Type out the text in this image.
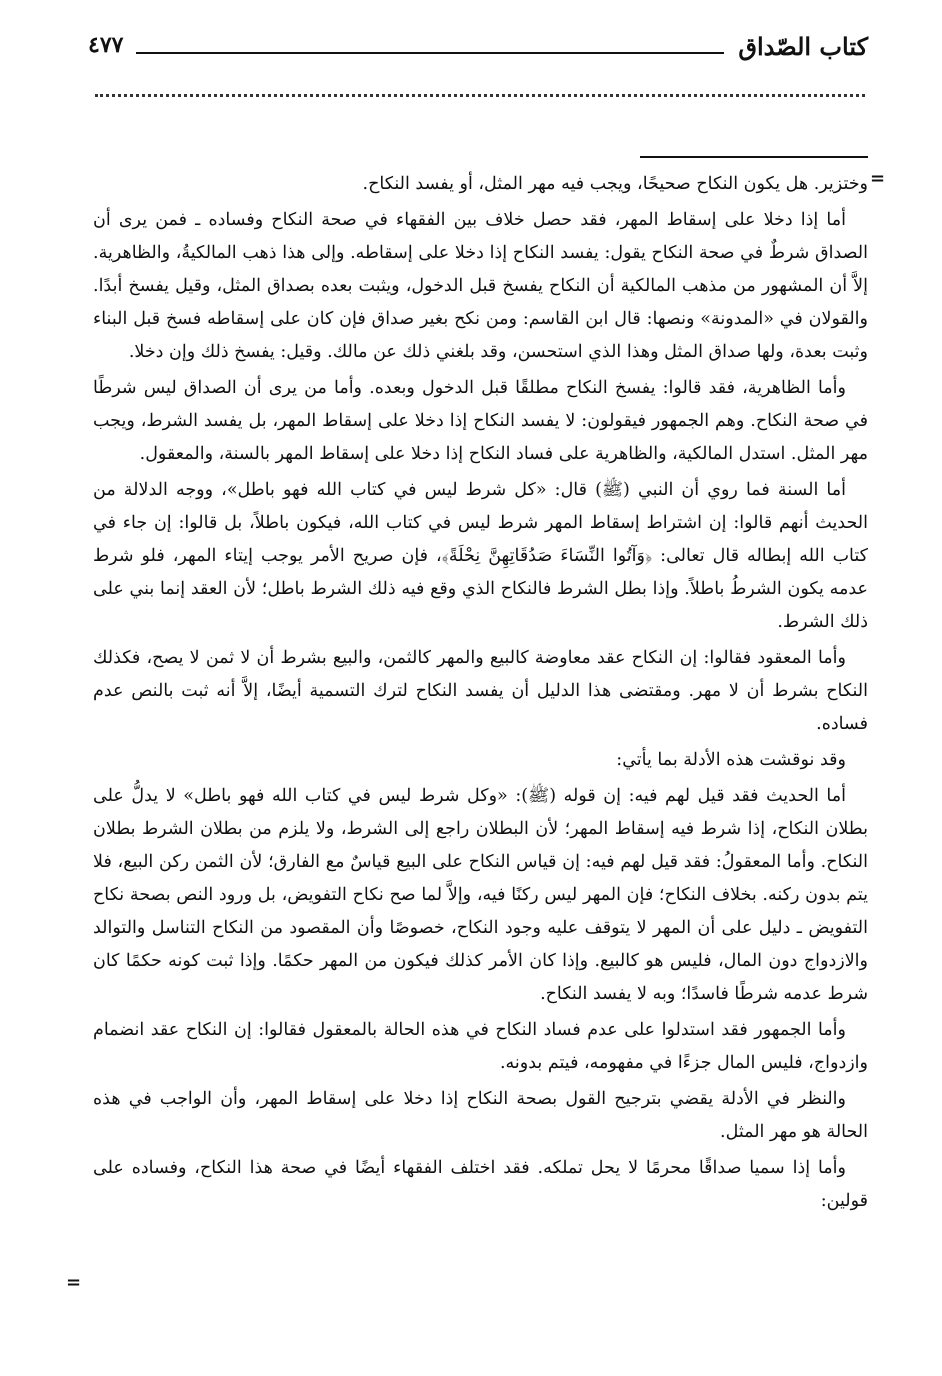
كتاب الصّداق
٤٧٧
=

وختزير. هل يكون النكاح صحيحًا، ويجب فيه مهر المثل، أو يفسد النكاح.

أما إذا دخلا على إسقاط المهر، فقد حصل خلاف بين الفقهاء في صحة النكاح وفساده ـ فمن يرى أن الصداق شرطٌ في صحة النكاح يقول: يفسد النكاح إذا دخلا على إسقاطه. وإلى هذا ذهب المالكيةُ، والظاهرية. إلاَّ أن المشهور من مذهب المالكية أن النكاح يفسخ قبل الدخول، ويثبت بعده بصداق المثل، وقيل يفسخ أبدًا. والقولان في «المدونة» ونصها: قال ابن القاسم: ومن نكح بغير صداق فإن كان على إسقاطه فسخ قبل البناء وثبت بعدة، ولها صداق المثل وهذا الذي استحسن، وقد بلغني ذلك عن مالك. وقيل: يفسخ ذلك وإن دخلا.

وأما الظاهرية، فقد قالوا: يفسخ النكاح مطلقًا قبل الدخول وبعده. وأما من يرى أن الصداق ليس شرطًا في صحة النكاح. وهم الجمهور فيقولون: لا يفسد النكاح إذا دخلا على إسقاط المهر، بل يفسد الشرط، ويجب مهر المثل. استدل المالكية، والظاهرية على فساد النكاح إذا دخلا على إسقاط المهر بالسنة، والمعقول.

أما السنة فما روي أن النبي (ﷺ) قال: «كل شرط ليس في كتاب الله فهو باطل»، ووجه الدلالة من الحديث أنهم قالوا: إن اشتراط إسقاط المهر شرط ليس في كتاب الله، فيكون باطلاً، بل قالوا: إن جاء في كتاب الله إبطاله قال تعالى: ﴿وَآتُوا النِّسَاءَ صَدُقَاتِهِنَّ نِحْلَةً﴾، فإن صريح الأمر يوجب إيتاء المهر، فلو شرط عدمه يكون الشرطُ باطلاً. وإذا بطل الشرط فالنكاح الذي وقع فيه ذلك الشرط باطل؛ لأن العقد إنما بني على ذلك الشرط.

وأما المعقود فقالوا: إن النكاح عقد معاوضة كالبيع والمهر كالثمن، والبيع بشرط أن لا ثمن لا يصح، فكذلك النكاح بشرط أن لا مهر. ومقتضى هذا الدليل أن يفسد النكاح لترك التسمية أيضًا، إلاَّ أنه ثبت بالنص عدم فساده.

وقد نوقشت هذه الأدلة بما يأتي:

أما الحديث فقد قيل لهم فيه: إن قوله (ﷺ): «وكل شرط ليس في كتاب الله فهو باطل» لا يدلُّ على بطلان النكاح، إذا شرط فيه إسقاط المهر؛ لأن البطلان راجع إلى الشرط، ولا يلزم من بطلان الشرط بطلان النكاح. وأما المعقولُ: فقد قيل لهم فيه: إن قياس النكاح على البيع قياسٌ مع الفارق؛ لأن الثمن ركن البيع، فلا يتم بدون ركنه. بخلاف النكاح؛ فإن المهر ليس ركنًا فيه، وإلاَّ لما صح نكاح التفويض، بل ورود النص بصحة نكاح التفويض ـ دليل على أن المهر لا يتوقف عليه وجود النكاح، خصوصًا وأن المقصود من النكاح التناسل والتوالد والازدواج دون المال، فليس هو كالبيع. وإذا كان الأمر كذلك فيكون من المهر حكمًا. وإذا ثبت كونه حكمًا كان شرط عدمه شرطًا فاسدًا؛ وبه لا يفسد النكاح.

وأما الجمهور فقد استدلوا على عدم فساد النكاح في هذه الحالة بالمعقول فقالوا: إن النكاح عقد انضمام وازدواج، فليس المال جزءًا في مفهومه، فيتم بدونه.

والنظر في الأدلة يقضي بترجيح القول بصحة النكاح إذا دخلا على إسقاط المهر، وأن الواجب في هذه الحالة هو مهر المثل.

وأما إذا سميا صداقًا محرمًا لا يحل تملكه. فقد اختلف الفقهاء أيضًا في صحة هذا النكاح، وفساده على قولين:

=
